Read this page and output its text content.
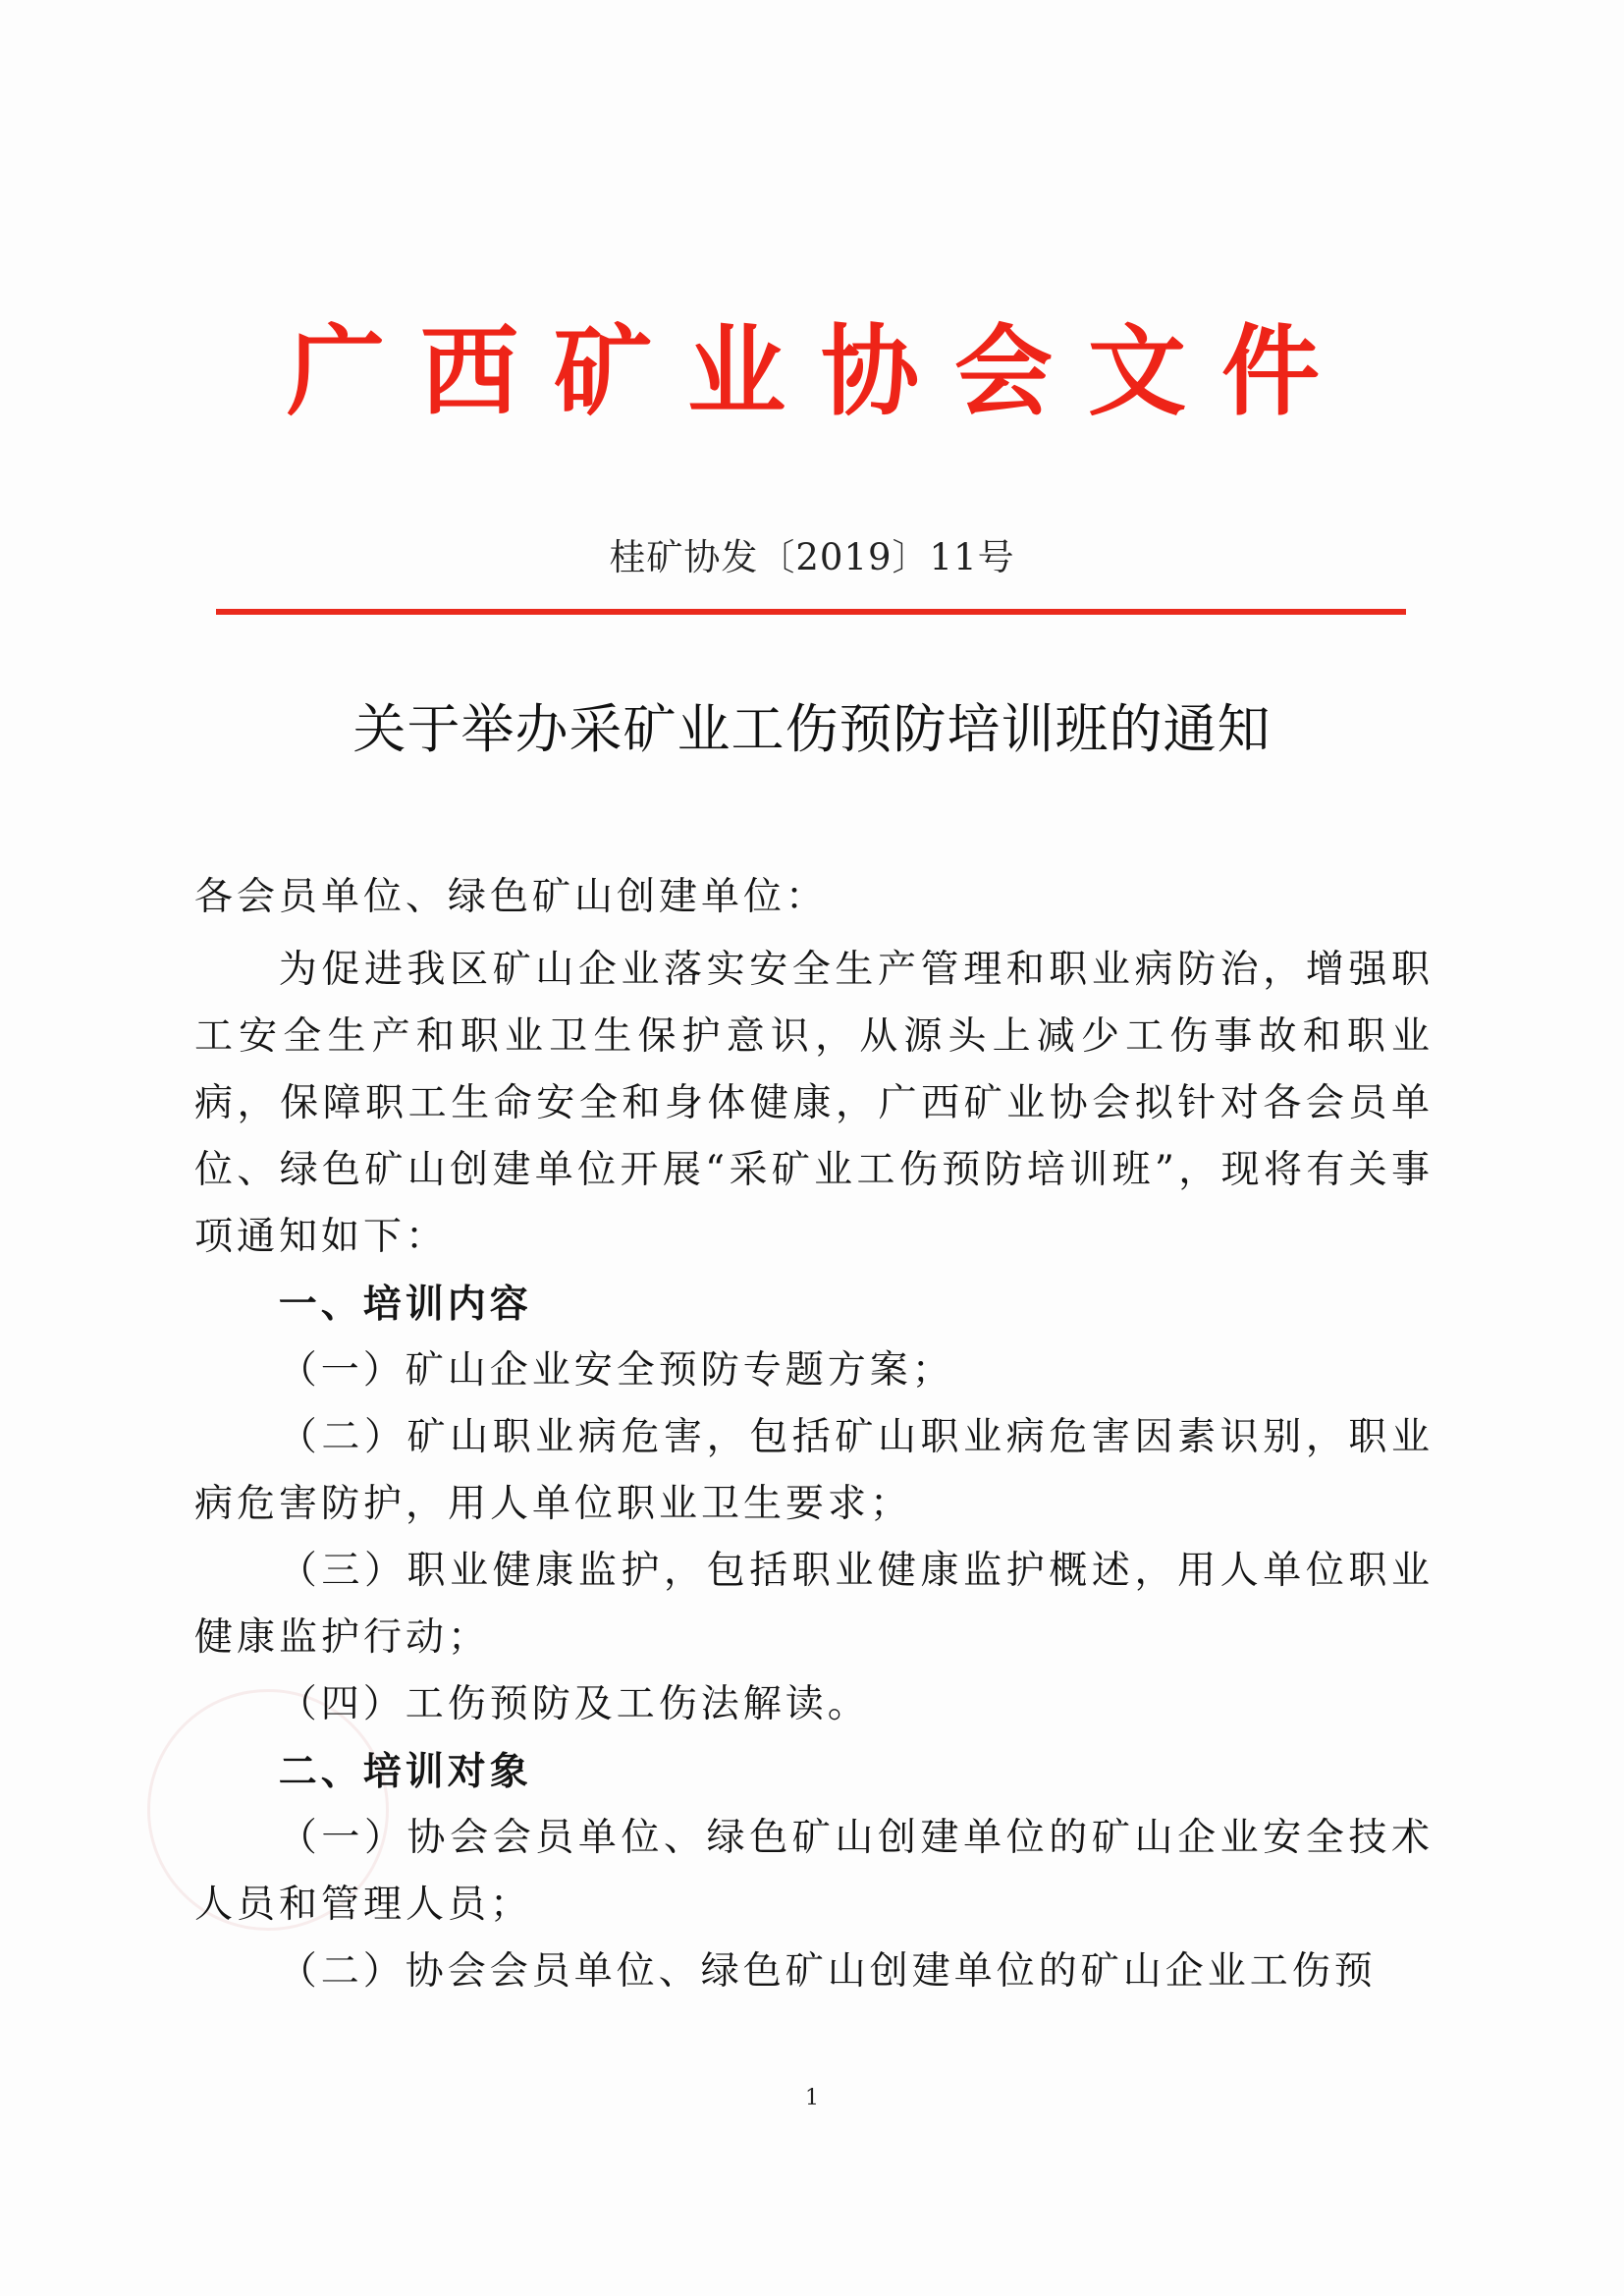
广西矿业协会文件
桂矿协发〔2019〕11号
关于举办采矿业工伤预防培训班的通知

各会员单位、绿色矿山创建单位：

为促进我区矿山企业落实安全生产管理和职业病防治，增强职工安全生产和职业卫生保护意识，从源头上减少工伤事故和职业病，保障职工生命安全和身体健康，广西矿业协会拟针对各会员单位、绿色矿山创建单位开展“采矿业工伤预防培训班”，现将有关事项通知如下：

一、培训内容

（一）矿山企业安全预防专题方案；

（二）矿山职业病危害，包括矿山职业病危害因素识别，职业病危害防护，用人单位职业卫生要求；

（三）职业健康监护，包括职业健康监护概述，用人单位职业健康监护行动；

（四）工伤预防及工伤法解读。

二、培训对象

（一）协会会员单位、绿色矿山创建单位的矿山企业安全技术人员和管理人员；

（二）协会会员单位、绿色矿山创建单位的矿山企业工伤预

1
